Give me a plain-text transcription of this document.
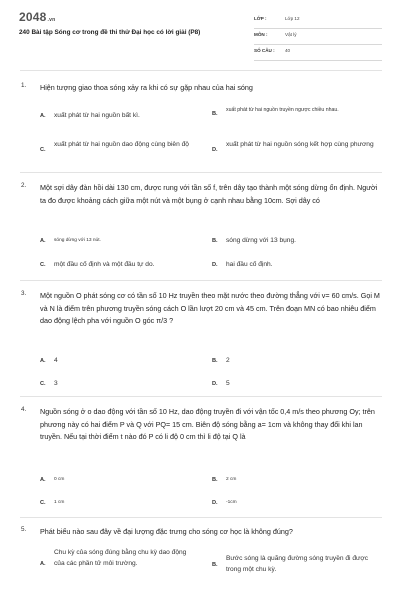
2048.vn
240 Bài tập Sóng cơ trong đề thi thử Đại học có lời giải (P8)
LỚP :	Lớp 12
MÔN :	Vật lý
SỐ CÂU : 40
1. Hiện tượng giao thoa sóng xảy ra khi có sự gặp nhau của hai sóng
A. xuất phát từ hai nguồn bất kì.	B.
xuất phát từ hai nguồn truyền ngược chiều nhau.
C.
xuất phát từ hai nguồn dao động cùng biên độ
D.
xuất phát từ hai nguồn sóng kết hợp cùng phương
2. Một sợi dây đàn hồi dài 130 cm, được rung với tần số f, trên dây tạo thành một sóng dừng ổn định. Người ta đo được khoảng cách giữa một nút và một bụng ở cạnh nhau bằng 10cm. Sợi dây có
A. sóng dừng với 13 nút.	B. sóng dừng với 13 bụng.
C. một đầu cố định và một đầu tự do.	D. hai đầu cố định.
3. Một nguồn O phát sóng cơ có tần số 10 Hz truyền theo mặt nước theo đường thẳng với v= 60 cm/s. Gọi M và N là điểm trên phương truyền sóng cách O lần lượt 20 cm và 45 cm. Trên đoạn MN có bao nhiêu điểm dao động lệch pha với nguồn O góc π/3 ?
A. 4	B. 2
C. 3	D. 5
4. Nguồn sóng ở o dao động với tần số 10 Hz, dao động truyền đi với vận tốc 0,4 m/s theo phương Oy; trên phương này có hai điểm P và Q với PQ= 15 cm. Biên độ sóng bằng a= 1cm và không thay đổi khi lan truyền. Nếu tại thời điểm t nào đó P có li độ 0 cm thì li độ tại Q là
A. 0 cm	B. 2 cm
C. 1 cm	D. -1cm
5. Phát biểu nào sau đây về đại lượng đặc trưng cho sóng cơ học là không đúng?
A.
Chu kỳ của sóng đúng bằng chu kỳ dao động của các phần tử môi trường.	B.
Bước sóng là quãng đường sóng truyền đi được trong một chu kỳ.
